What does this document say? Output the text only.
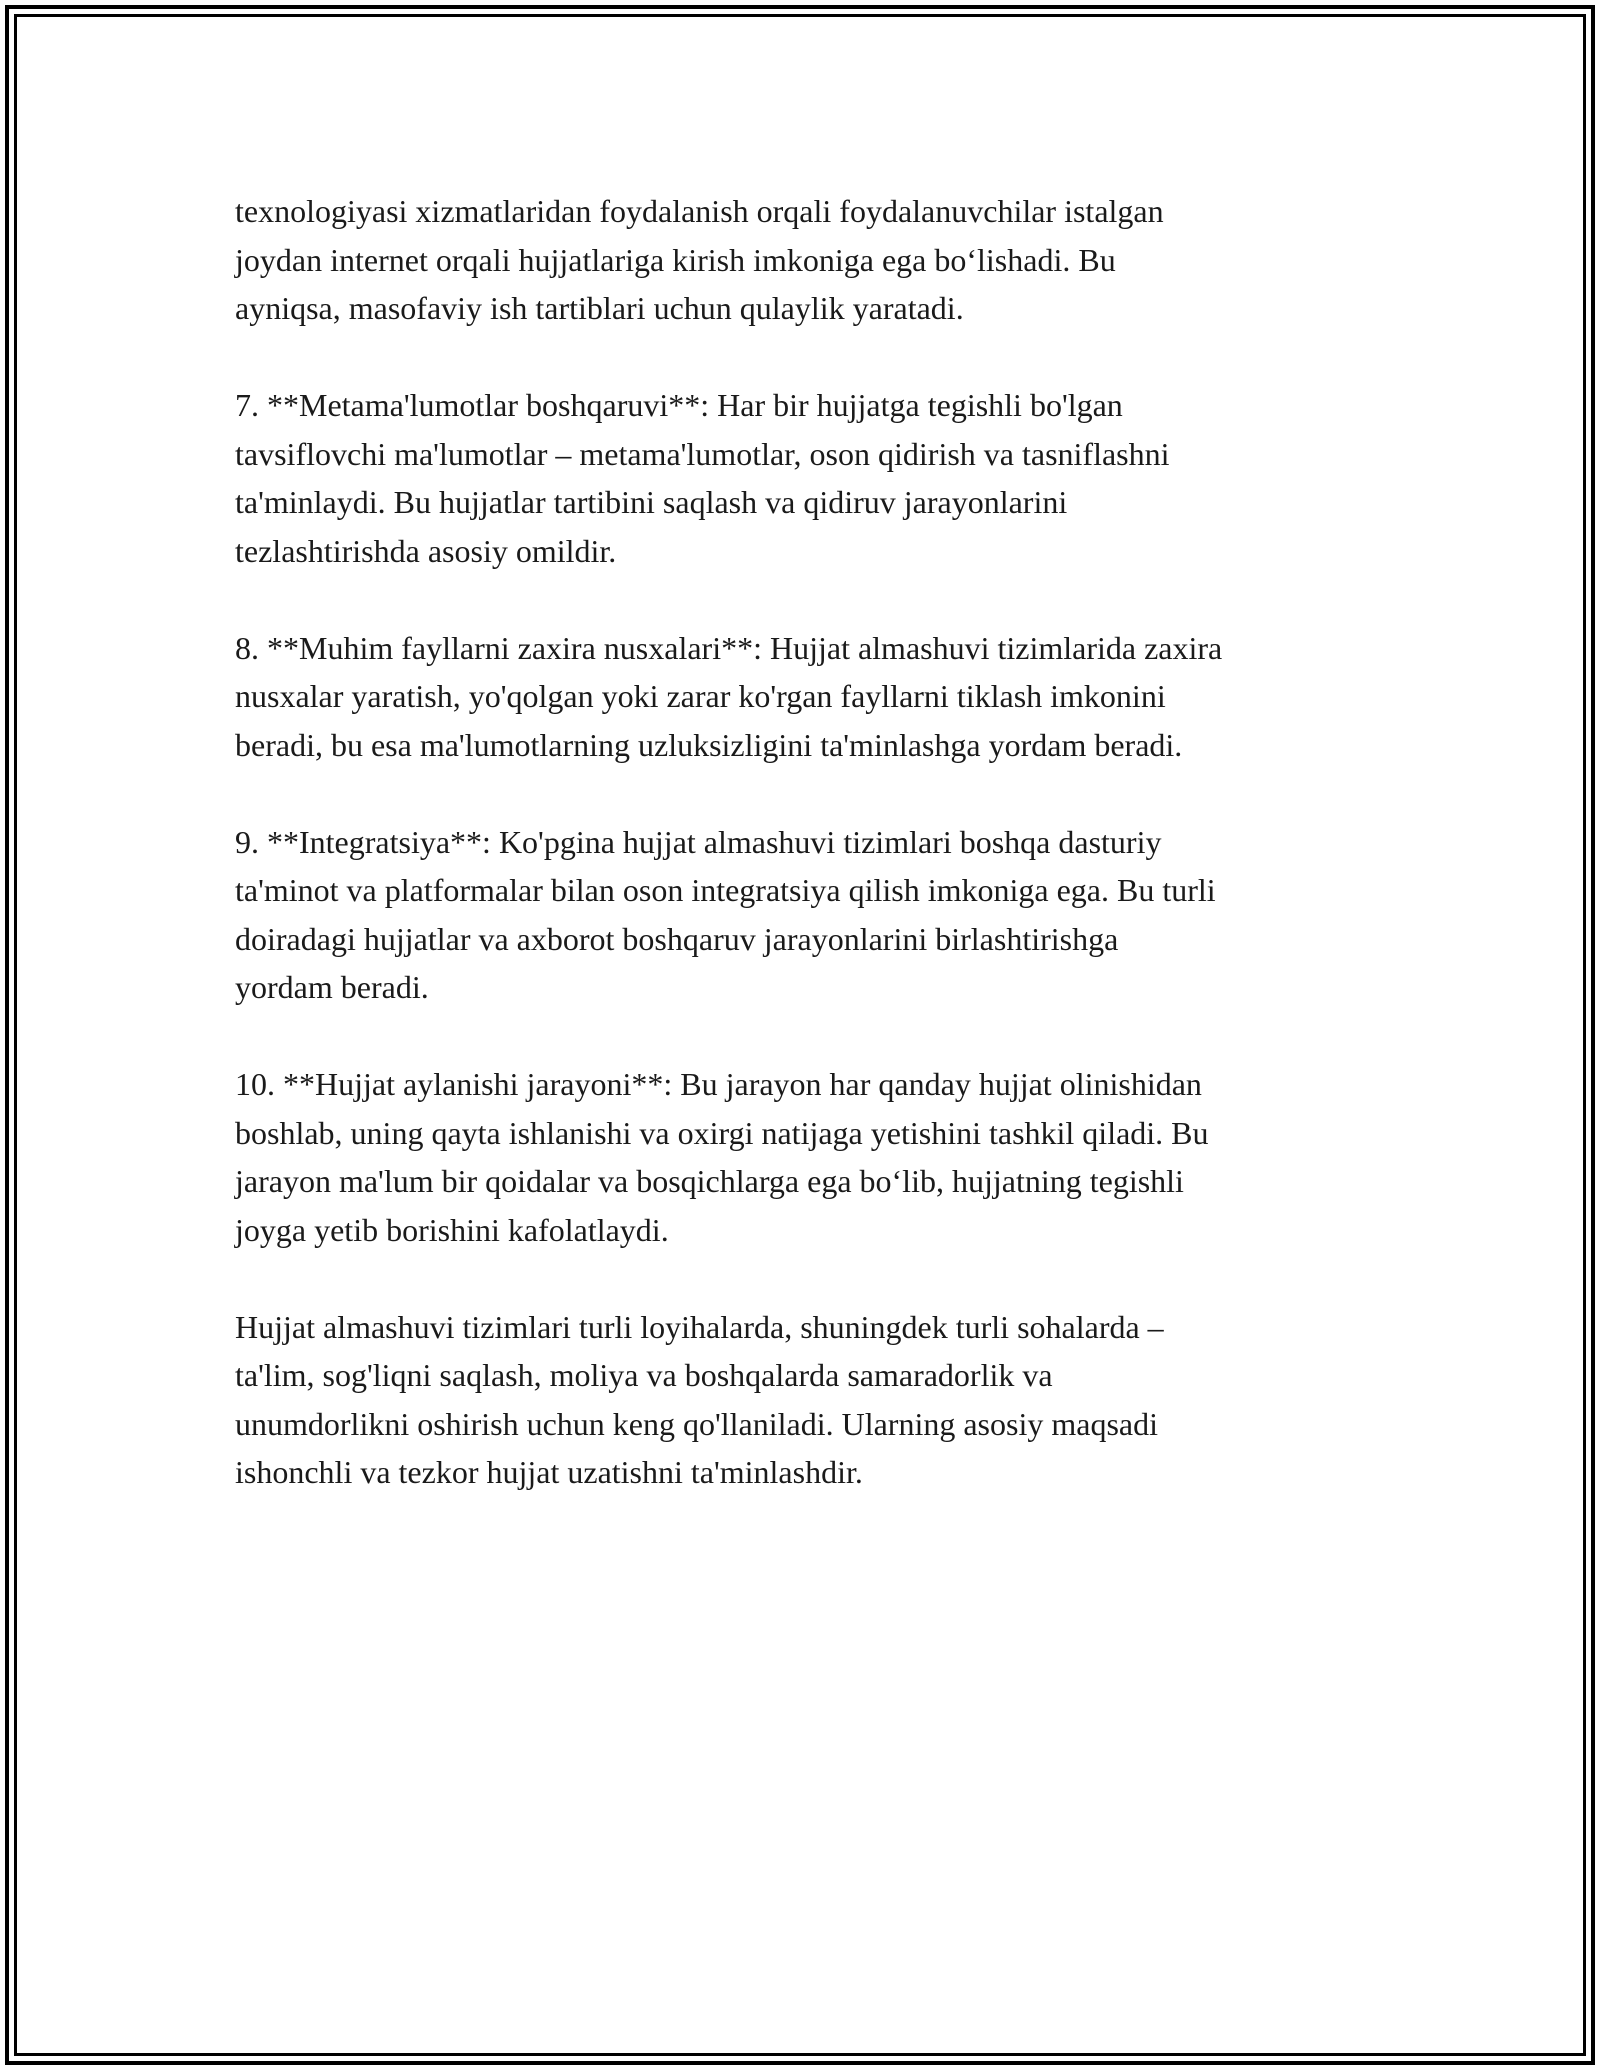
texnologiyasi xizmatlaridan foydalanish orqali foydalanuvchilar istalgan
joydan internet orqali hujjatlariga kirish imkoniga ega bo‘lishadi. Bu
ayniqsa, masofaviy ish tartiblari uchun qulaylik yaratadi.

7. **Metama'lumotlar boshqaruvi**: Har bir hujjatga tegishli bo'lgan
tavsiflovchi ma'lumotlar – metama'lumotlar, oson qidirish va tasniflashni
ta'minlaydi. Bu hujjatlar tartibini saqlash va qidiruv jarayonlarini
tezlashtirishda asosiy omildir.

8. **Muhim fayllarni zaxira nusxalari**: Hujjat almashuvi tizimlarida zaxira
nusxalar yaratish, yo'qolgan yoki zarar ko'rgan fayllarni tiklash imkonini
beradi, bu esa ma'lumotlarning uzluksizligini ta'minlashga yordam beradi.

9. **Integratsiya**: Ko'pgina hujjat almashuvi tizimlari boshqa dasturiy
ta'minot va platformalar bilan oson integratsiya qilish imkoniga ega. Bu turli
doiradagi hujjatlar va axborot boshqaruv jarayonlarini birlashtirishga
yordam beradi.

10. **Hujjat aylanishi jarayoni**: Bu jarayon har qanday hujjat olinishidan
boshlab, uning qayta ishlanishi va oxirgi natijaga yetishini tashkil qiladi. Bu
jarayon ma'lum bir qoidalar va bosqichlarga ega bo‘lib, hujjatning tegishli
joyga yetib borishini kafolatlaydi.

Hujjat almashuvi tizimlari turli loyihalarda, shuningdek turli sohalarda –
ta'lim, sog'liqni saqlash, moliya va boshqalarda samaradorlik va
unumdorlikni oshirish uchun keng qo'llaniladi. Ularning asosiy maqsadi
ishonchli va tezkor hujjat uzatishni ta'minlashdir.
